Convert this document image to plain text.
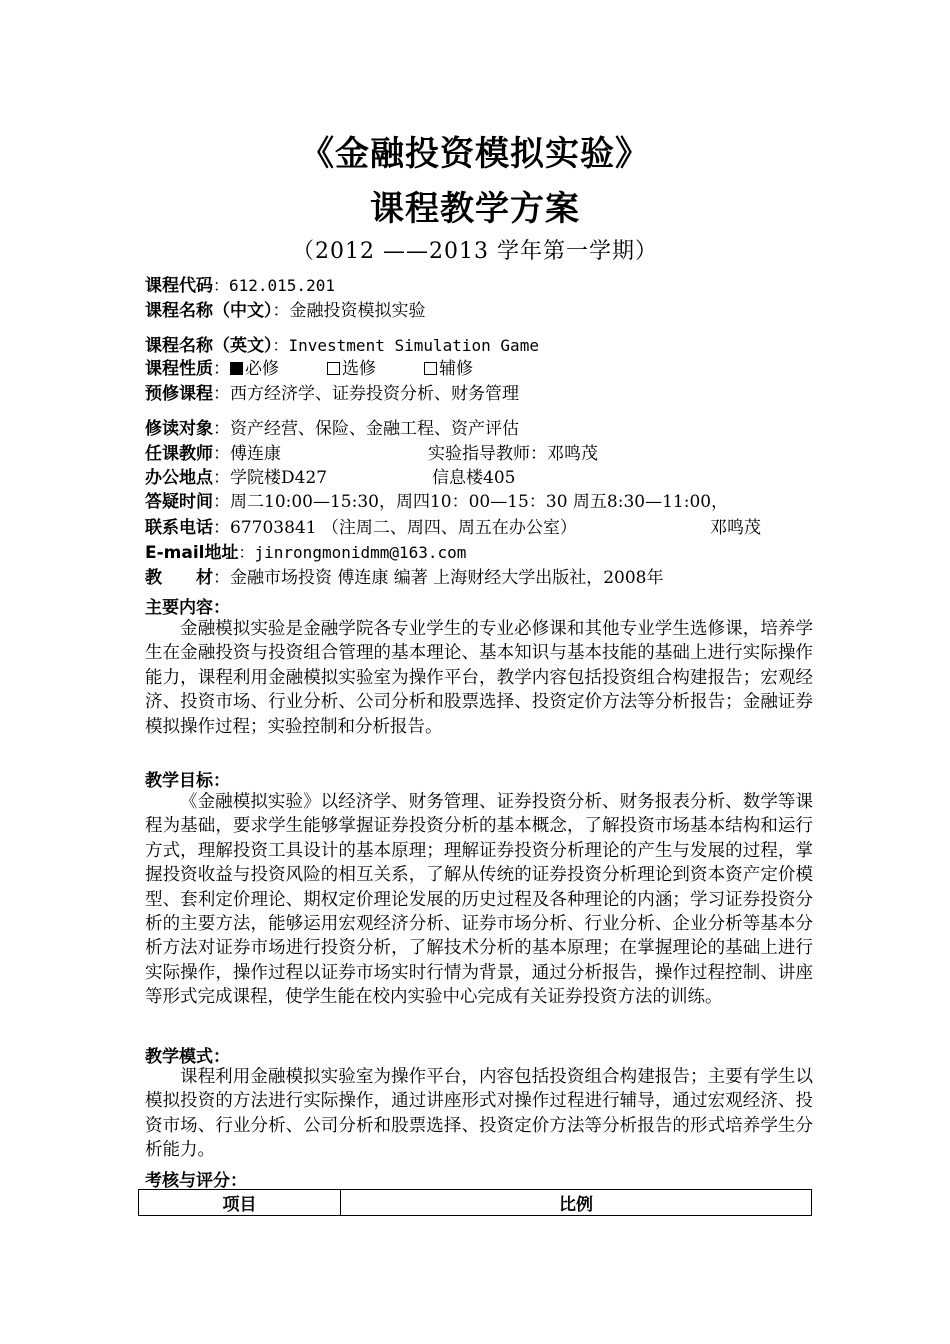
《金融投资模拟实验》
课程教学方案
（2012 ——2013 学年第一学期）
课程代码：612.015.201
课程名称（中文）：金融投资模拟实验
课程名称（英文）：Investment Simulation Game
课程性质： 必修	选修	辅修
预修课程：西方经济学、证券投资分析、财务管理
修读对象：资产经营、保险、金融工程、资产评估
任课教师：傅连康	实验指导教师：邓鸣茂
办公地点：学院楼D427	信息楼405
答疑时间：周二10:00—15:30，周四10：00—15：30 周五8:30—11:00，
联系电话：67703841 （注周二、周四、周五在办公室）	邓鸣茂
E-mail地址：jinrongmonidmm@163.com
教　　材：金融市场投资 傅连康 编著 上海财经大学出版社，2008年
主要内容：
金融模拟实验是金融学院各专业学生的专业必修课和其他专业学生选修课，培养学生在金融投资与投资组合管理的基本理论、基本知识与基本技能的基础上进行实际操作能力，课程利用金融模拟实验室为操作平台，教学内容包括投资组合构建报告；宏观经济、投资市场、行业分析、公司分析和股票选择、投资定价方法等分析报告；金融证券模拟操作过程；实验控制和分析报告。
教学目标：
《金融模拟实验》以经济学、财务管理、证券投资分析、财务报表分析、数学等课程为基础，要求学生能够掌握证券投资分析的基本概念，了解投资市场基本结构和运行方式，理解投资工具设计的基本原理；理解证券投资分析理论的产生与发展的过程，掌握投资收益与投资风险的相互关系，了解从传统的证券投资分析理论到资本资产定价模型、套利定价理论、期权定价理论发展的历史过程及各种理论的内涵；学习证券投资分析的主要方法，能够运用宏观经济分析、证券市场分析、行业分析、企业分析等基本分析方法对证券市场进行投资分析，了解技术分析的基本原理；在掌握理论的基础上进行实际操作，操作过程以证券市场实时行情为背景，通过分析报告，操作过程控制、讲座等形式完成课程，使学生能在校内实验中心完成有关证券投资方法的训练。
教学模式：
课程利用金融模拟实验室为操作平台，内容包括投资组合构建报告；主要有学生以模拟投资的方法进行实际操作，通过讲座形式对操作过程进行辅导，通过宏观经济、投资市场、行业分析、公司分析和股票选择、投资定价方法等分析报告的形式培养学生分析能力。
考核与评分：
项目	比例
